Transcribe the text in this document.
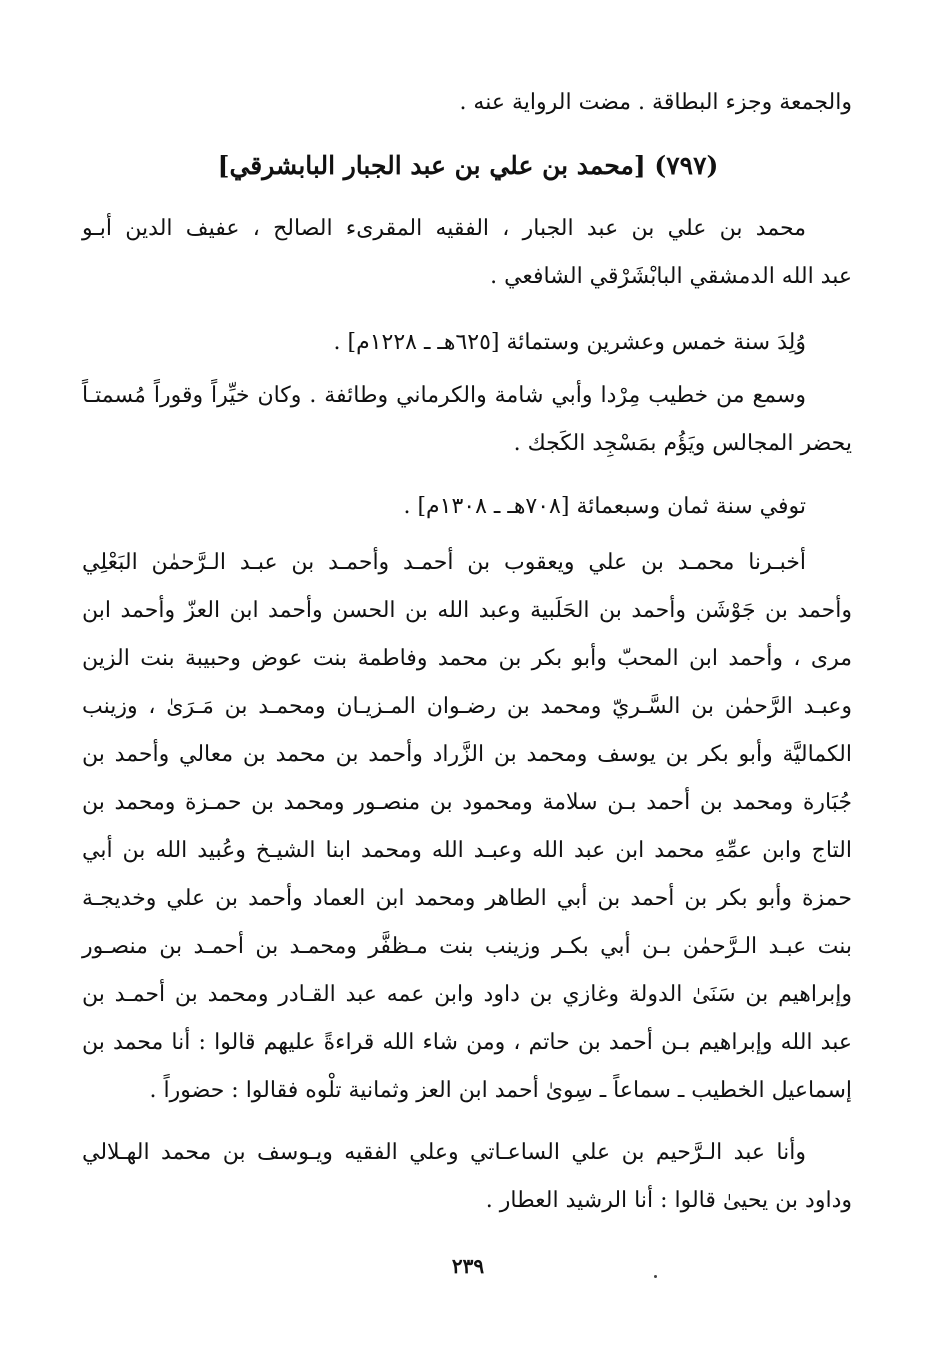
والجمعة وجزء البطاقة . مضت الرواية عنه .
(٧٩٧) [محمد بن علي بن عبد الجبار البابشرقي]
محمد بن علي بن عبد الجبار ، الفقيه المقرىء الصالح ، عفيف الدين أبـو
عبد الله الدمشقي البابْشَرْقي الشافعي .
وُلِدَ سنة خمس وعشرين وستمائة [٦٢٥هـ ـ ١٢٢٨م] .
وسمع من خطيب مِرْدا وأبي شامة والكرماني وطائفة . وكان خيِّراً وقوراً مُسمتـاً
يحضر المجالس ويَؤُم بمَسْجِد الكَجك .
توفي سنة ثمان وسبعمائة [٧٠٨هـ ـ ١٣٠٨م] .
أخبـرنا محمـد بن علي ويعقوب بن أحمـد وأحمـد بن عبـد الـرَّحمٰن البَعْلِي
وأحمد بن جَوْشَن وأحمد بن الحَلَبية وعبد الله بن الحسن وأحمد ابن العزّ وأحمد ابن
مرى ، وأحمد ابن المحبّ وأبو بكر بن محمد وفاطمة بنت عوض وحبيبة بنت الزين
وعبـد الرَّحمٰن بن السَّـريّ ومحمد بن رضـوان المـزيـان ومحمـد بن مَـرَىٰ ، وزينب
الكماليَّة وأبو بكر بن يوسف ومحمد بن الزَّراد وأحمد بن محمد بن معالي وأحمد بن
جُبَارة ومحمد بن أحمد بـن سلامة ومحمود بن منصـور ومحمد بن حمـزة ومحمد بن
التاج وابن عمِّهِ محمد ابن عبد الله وعبـد الله ومحمد ابنا الشيـخ وعُبيد الله بن أبي
حمزة وأبو بكر بن أحمد بن أبي الطاهر ومحمد ابن العماد وأحمد بن علي وخديجـة
بنت عبـد الـرَّحمٰن بـن أبي بكـر وزينب بنت مـظفَّر ومحمـد بن أحمـد بن منصـور
وإبراهيم بن سَنَىٰ الدولة وغازي بن داود وابن عمه عبد القـادر ومحمد بن أحمـد بن
عبد الله وإبراهيم بـن أحمد بن حاتم ، ومن شاء الله قراءةً عليهم قالوا : أنا محمد بن
إسماعيل الخطيب ـ سماعاً ـ سِوىٰ أحمد ابن العز وثمانية تلْوه فقالوا : حضوراً .
وأنا عبد الـرَّحيم بن علي الساعـاتي وعلي الفقيه ويـوسف بن محمد الهـلالي
وداود بن يحيىٰ قالوا : أنا الرشيد العطار .
٢٣٩
